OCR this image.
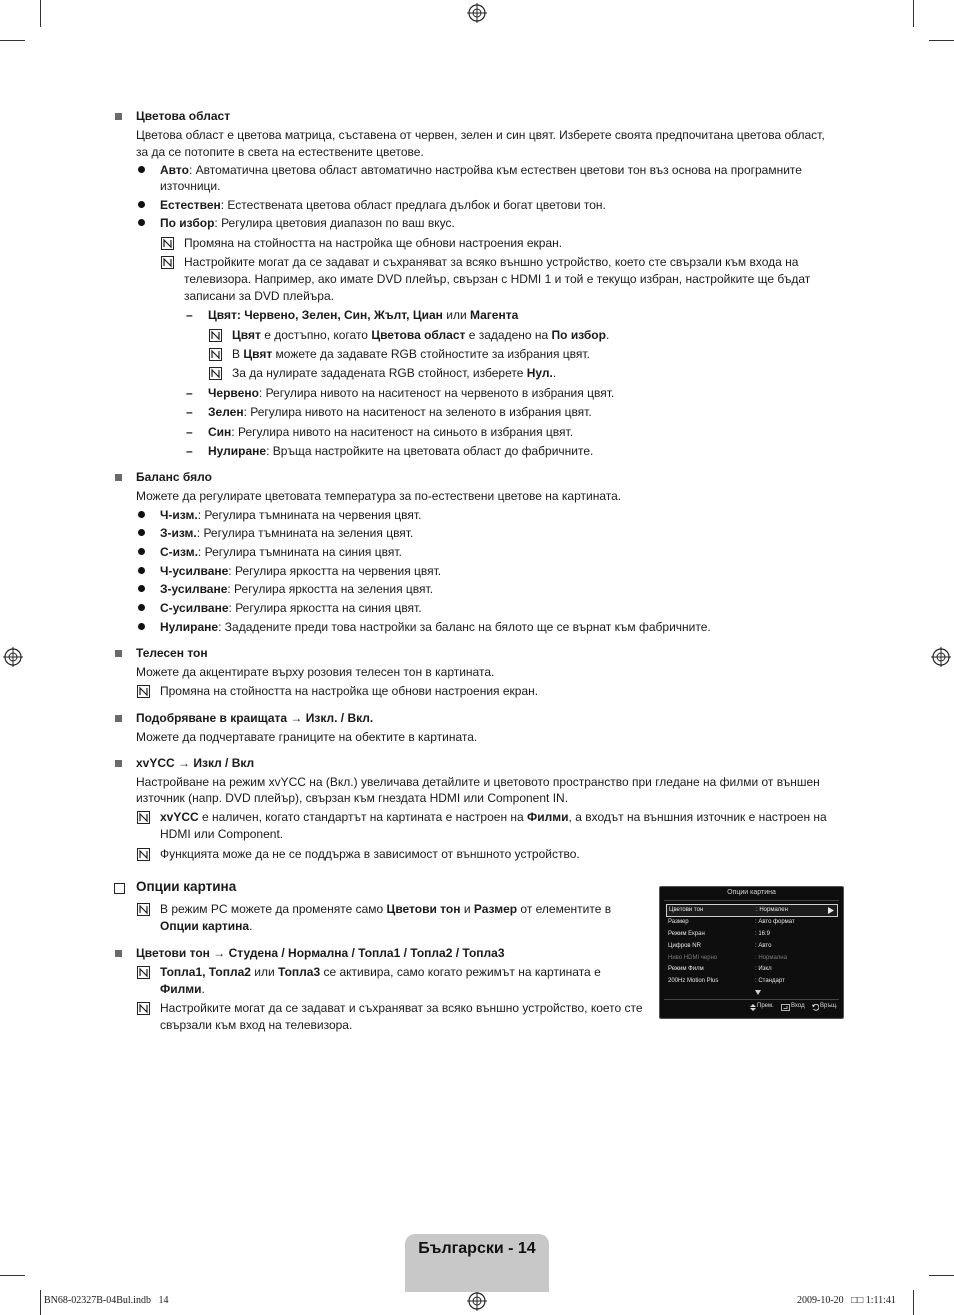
Цветова област
Цветова област е цветова матрица, съставена от червен, зелен и син цвят. Изберете своята предпочитана цветова област,
за да се потопите в света на естествените цветове.
Авто: Автоматична цветова област автоматично настройва към естествен цветови тон въз основа на програмните
източници.
Естествен: Естествената цветова област предлага дълбок и богат цветови тон.
По избор: Регулира цветовия диапазон по ваш вкус.
Промяна на стойността на настройка ще обнови настроения екран.
Настройките могат да се задават и съхраняват за всяко външно устройство, което сте свързали към входа на
телевизора. Например, ако имате DVD плейър, свързан с HDMI 1 и той е текущо избран, настройките ще бъдат
записани за DVD плейъра.
– Цвят: Червено, Зелен, Син, Жълт, Циан или Магента
Цвят е достъпно, когато Цветова област е зададено на По избор.
В Цвят можете да задавате RGB стойностите за избрания цвят.
За да нулирате зададената RGB стойност, изберете Нул..
– Червено: Регулира нивото на наситеност на червеното в избрания цвят.
– Зелен: Регулира нивото на наситеност на зеленото в избрания цвят.
– Син: Регулира нивото на наситеност на синьото в избрания цвят.
– Нулиране: Връща настройките на цветовата област до фабричните.
Баланс бяло
Можете да регулирате цветовата температура за по-естествени цветове на картината.
Ч-изм.: Регулира тъмнината на червения цвят.
З-изм.: Регулира тъмнината на зеления цвят.
С-изм.: Регулира тъмнината на синия цвят.
Ч-усилване: Регулира яркостта на червения цвят.
З-усилване: Регулира яркостта на зеления цвят.
С-усилване: Регулира яркостта на синия цвят.
Нулиране: Зададените преди това настройки за баланс на бялото ще се върнат към фабричните.
Телесен тон
Можете да акцентирате върху розовия телесен тон в картината.
Промяна на стойността на настройка ще обнови настроения екран.
Подобряване в краищата → Изкл. / Вкл.
Можете да подчертавате границите на обектите в картината.
xvYCC → Изкл / Вкл
Настройване на режим xvYCC на (Вкл.) увеличава детайлите и цветовото пространство при гледане на филми от външен
източник (напр. DVD плейър), свързан към гнездата HDMI или Component IN.
xvYCC е наличен, когато стандартът на картината е настроен на Филми, а входът на външния източник е настроен на
HDMI или Component.
Функцията може да не се поддържа в зависимост от външното устройство.
Опции картина
В режим PC можете да променяте само Цветови тон и Размер от елементите в
Опции картина.
Цветови тон → Студена / Нормална / Топла1 / Топла2 / Топла3
Топла1, Топла2 или Топла3 се активира, само когато режимът на картината е
Филми.
Настройките могат да се задават и съхраняват за всяко външно устройство, което сте
свързали към вход на телевизора.
Опции картина
Цветови тон	: Нормален
Размер	: Авто формат
Режим Екран	: 16:9
Цифров NR	: Авто
Ниво HDMI черно	: Нормална
Режим Филм	: Изкл
200Hz Motion Plus	: Стандарт
Прем.	Вход	Връщ.
Български - 14
BN68-02327B-04Bul.indb   14	2009-10-20   □□ 1:11:41
